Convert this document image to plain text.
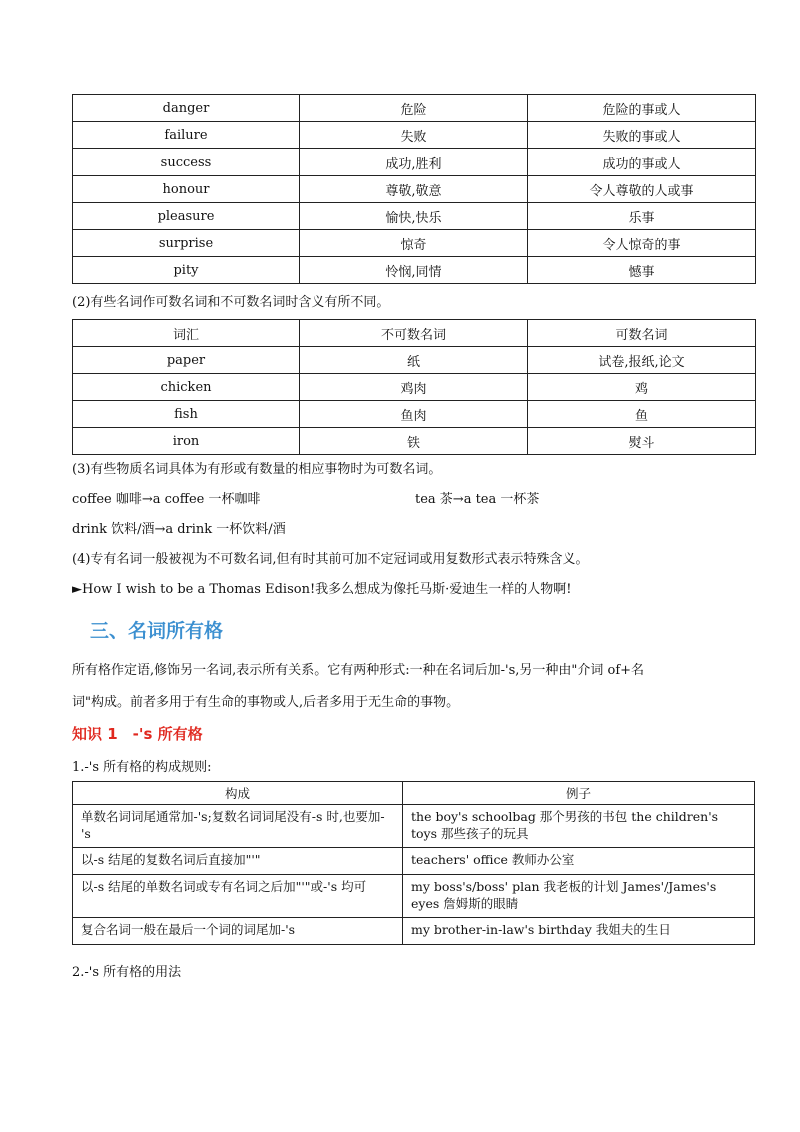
danger	危险	危险的事或人
failure	失败	失败的事或人
success	成功,胜利	成功的事或人
honour	尊敬,敬意	令人尊敬的人或事
pleasure	愉快,快乐	乐事
surprise	惊奇	令人惊奇的事
pity	怜悯,同情	憾事
(2)有些名词作可数名词和不可数名词时含义有所不同。
词汇	不可数名词	可数名词
paper	纸	试卷,报纸,论文
chicken	鸡肉	鸡
fish	鱼肉	鱼
iron	铁	熨斗
(3)有些物质名词具体为有形或有数量的相应事物时为可数名词。
coffee 咖啡→a coffee 一杯咖啡	tea 茶→a tea 一杯茶
drink 饮料/酒→a drink 一杯饮料/酒
(4)专有名词一般被视为不可数名词,但有时其前可加不定冠词或用复数形式表示特殊含义。
►How I wish to be a Thomas Edison!我多么想成为像托马斯·爱迪生一样的人物啊!
三、名词所有格
所有格作定语,修饰另一名词,表示所有关系。它有两种形式:一种在名词后加-'s,另一种由"介词 of+名
词"构成。前者多用于有生命的事物或人,后者多用于无生命的事物。
知识 1　-'s 所有格
1.-'s 所有格的构成规则:
构成	例子
单数名词词尾通常加-'s;复数名词词尾没有-s 时,也要加-'s	the boy's schoolbag 那个男孩的书包 the children's toys 那些孩子的玩具
以-s 结尾的复数名词后直接加"'"	teachers' office 教师办公室
以-s 结尾的单数名词或专有名词之后加"'"或-'s 均可	my boss's/boss' plan 我老板的计划 James'/James's eyes 詹姆斯的眼睛
复合名词一般在最后一个词的词尾加-'s	my brother-in-law's birthday 我姐夫的生日
2.-'s 所有格的用法
